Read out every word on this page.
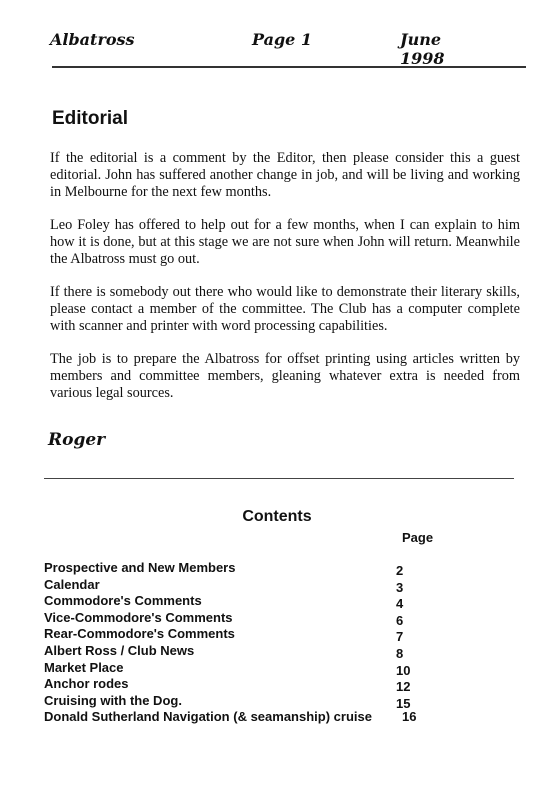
Albatross	Page 1	June 1998
Editorial

If the editorial is a comment by the Editor, then please consider this a guest editorial. John has suffered another change in job, and will be living and working in Melbourne for the next few months.

Leo Foley has offered to help out for a few months, when I can explain to him how it is done, but at this stage we are not sure when John will return. Meanwhile the Albatross must go out.

If there is somebody out there who would like to demonstrate their literary skills, please contact a member of the committee. The Club has a computer complete with scanner and printer with word processing capabilities.

The job is to prepare the Albatross for offset printing using articles written by members and committee members, gleaning whatever extra is needed from various legal sources.

Roger
Contents
Page
Prospective and New Members	2
Calendar	3
Commodore's Comments	4
Vice-Commodore's Comments	6
Rear-Commodore's Comments	7
Albert Ross / Club News	8
Market Place	10
Anchor rodes	12
Cruising with the Dog.	15
Donald Sutherland Navigation (& seamanship) cruise 16
